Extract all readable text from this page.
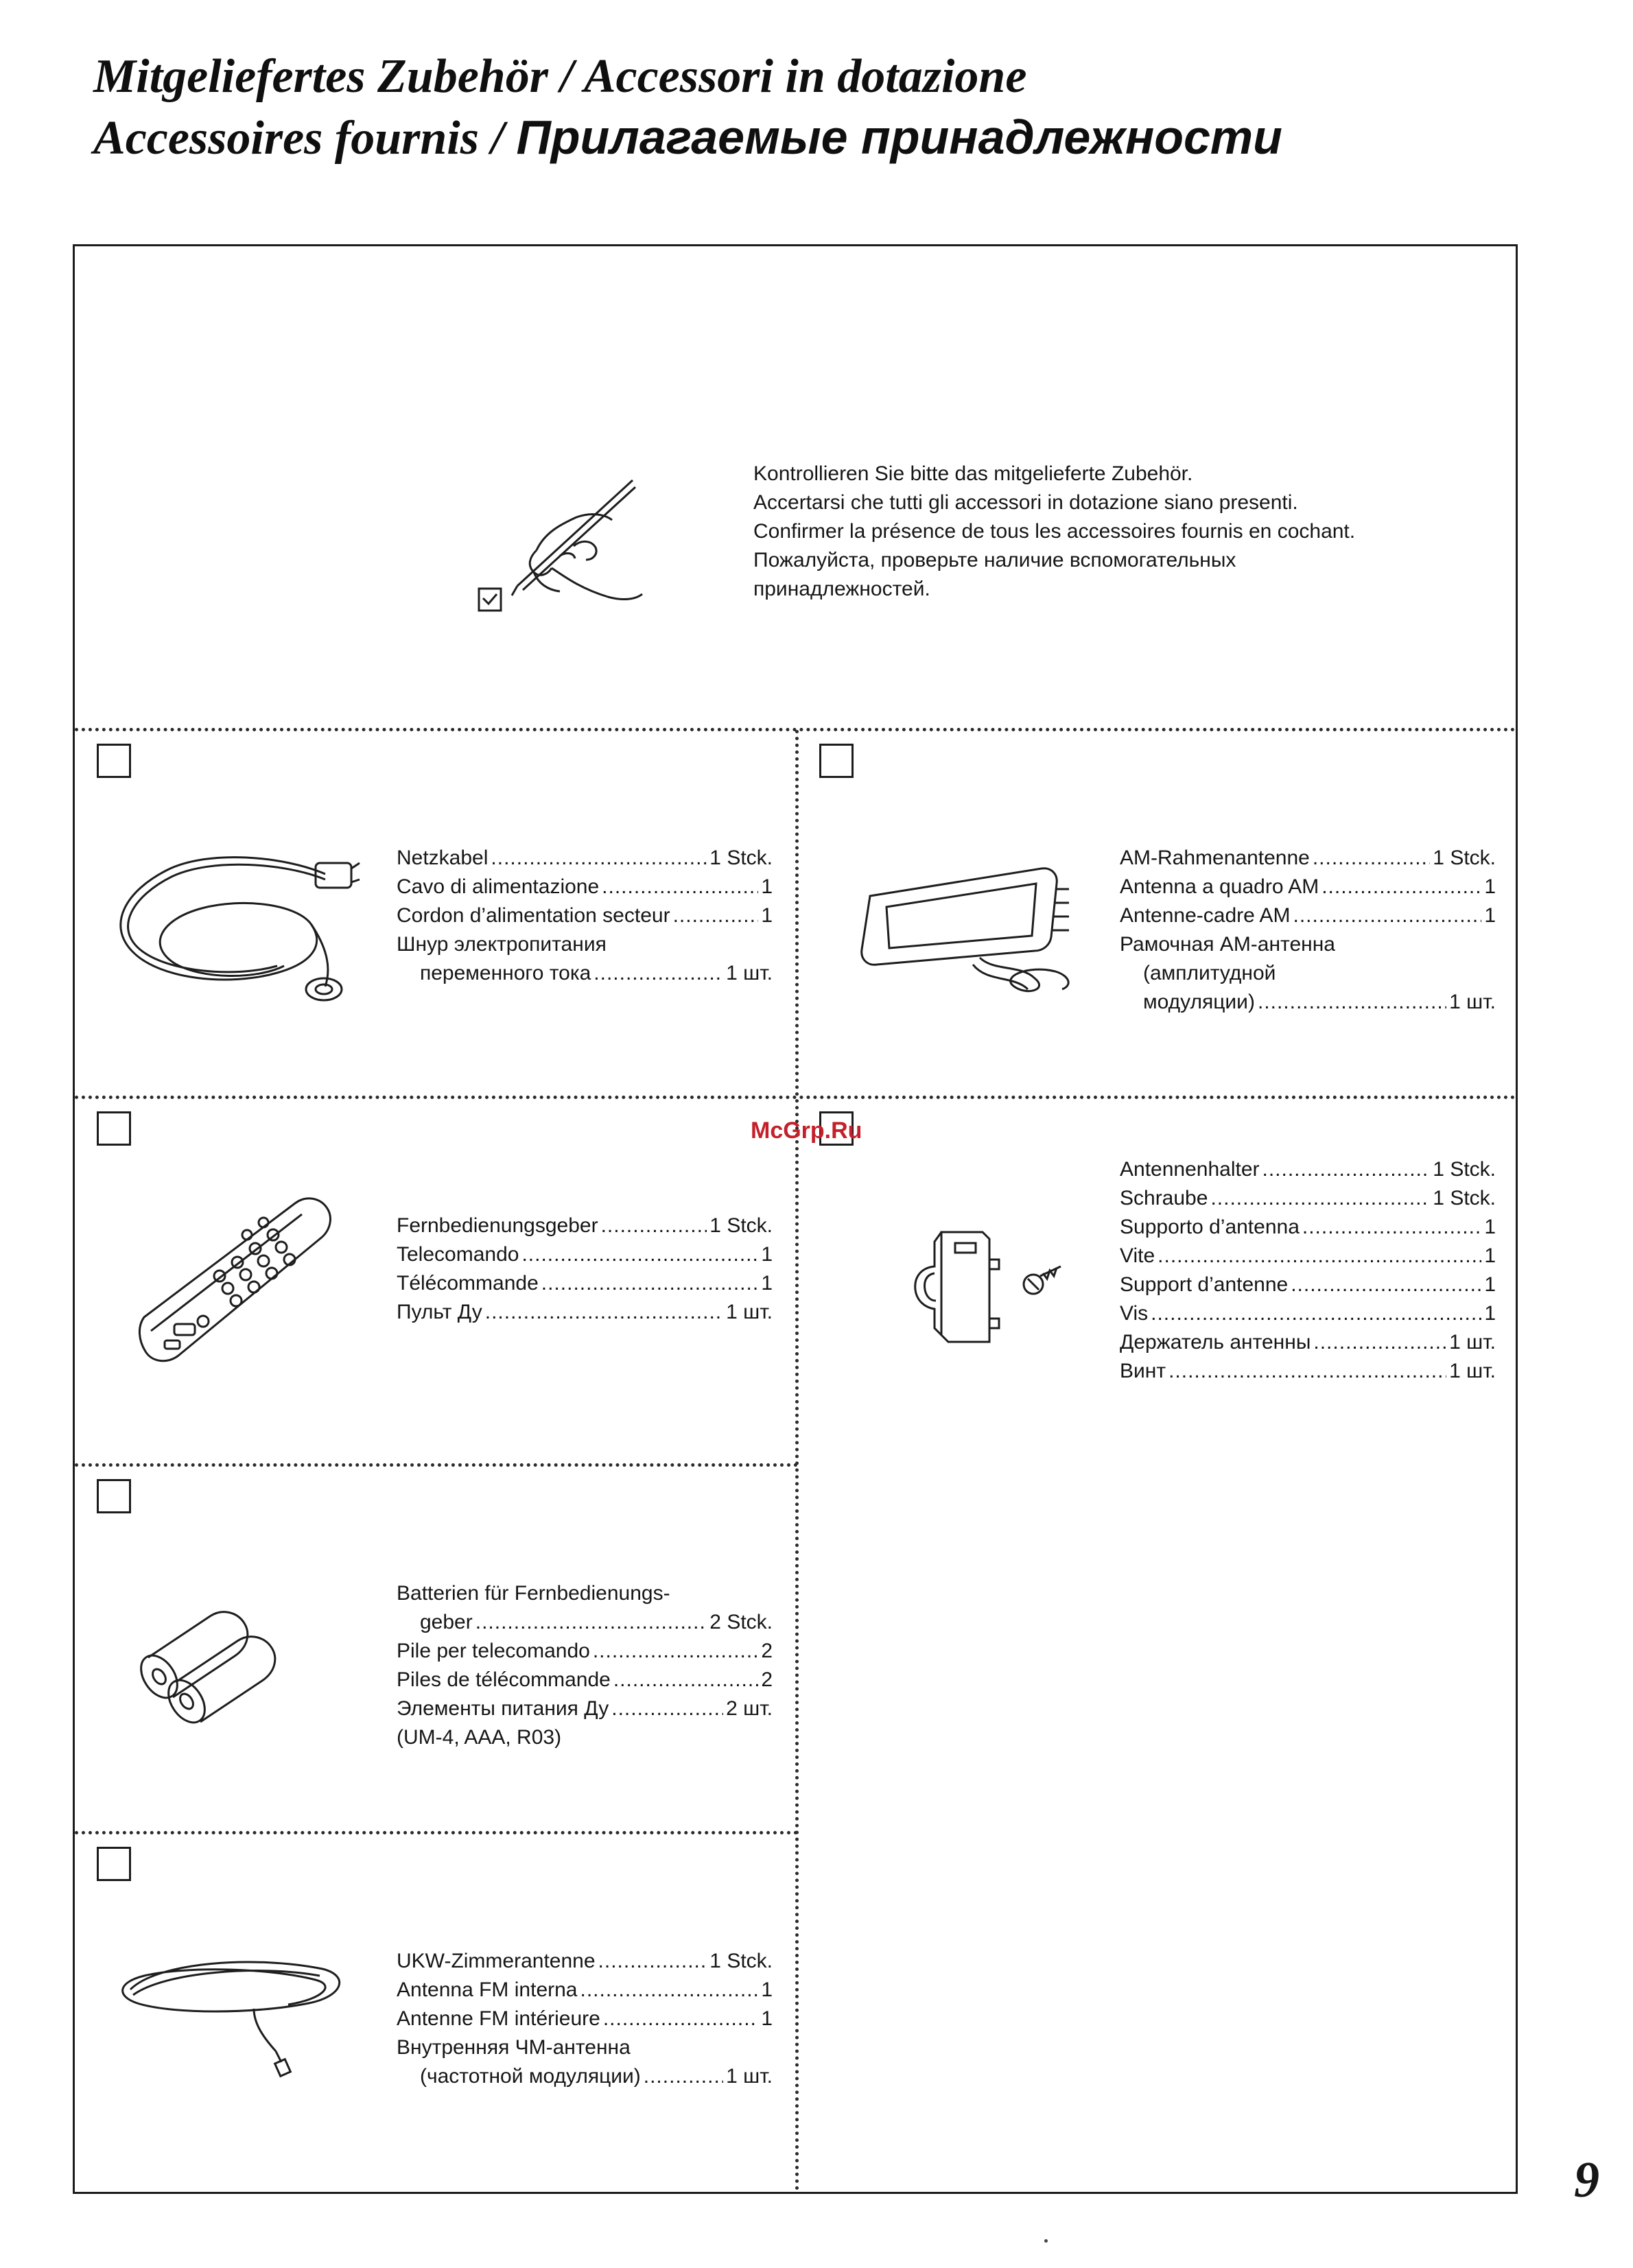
Mitgeliefertes Zubehör / Accessori in dotazione
Accessoires fournis / Прилагаемые принадлежности
Kontrollieren Sie bitte das mitgelieferte Zubehör.
Accertarsi che tutti gli accessori in dotazione siano presenti.
Confirmer la présence de tous les accessoires fournis en cochant.
Пожалуйста, проверьте наличие вспомогательных
принадлежностей.
Netzkabel .....	1 Stck.
Cavo di alimentazione .....	1
Cordon d’alimentation secteur .....	1
Шнур электропитания
переменного тока .....	1 шт.
AM-Rahmenantenne .....	1 Stck.
Antenna a quadro AM .....	1
Antenne-cadre AM .....	1
Рамочная AM-антенна
(амплитудной
модуляции) .....	1 шт.
Fernbedienungsgeber .....	1 Stck.
Telecomando .....	1
Télécommande .....	1
Пульт Ду .....	1 шт.
Antennenhalter .....	1 Stck.
Schraube .....	1 Stck.
Supporto d’antenna .....	1
Vite .....	1
Support d’antenne .....	1
Vis .....	1
Держатель антенны .....	1 шт.
Винт .....	1 шт.
Batterien für Fernbedienungs-
geber .....	2 Stck.
Pile per telecomando .....	2
Piles de télécommande .....	2
Элементы питания Ду .....	2 шт.
(UM-4, AAA, R03)
UKW-Zimmerantenne .....	1 Stck.
Antenna FM interna .....	1
Antenne FM intérieure .....	1
Внутренняя ЧМ-антенна
(частотной модуляции) .....	1 шт.
McGrp.Ru
9
